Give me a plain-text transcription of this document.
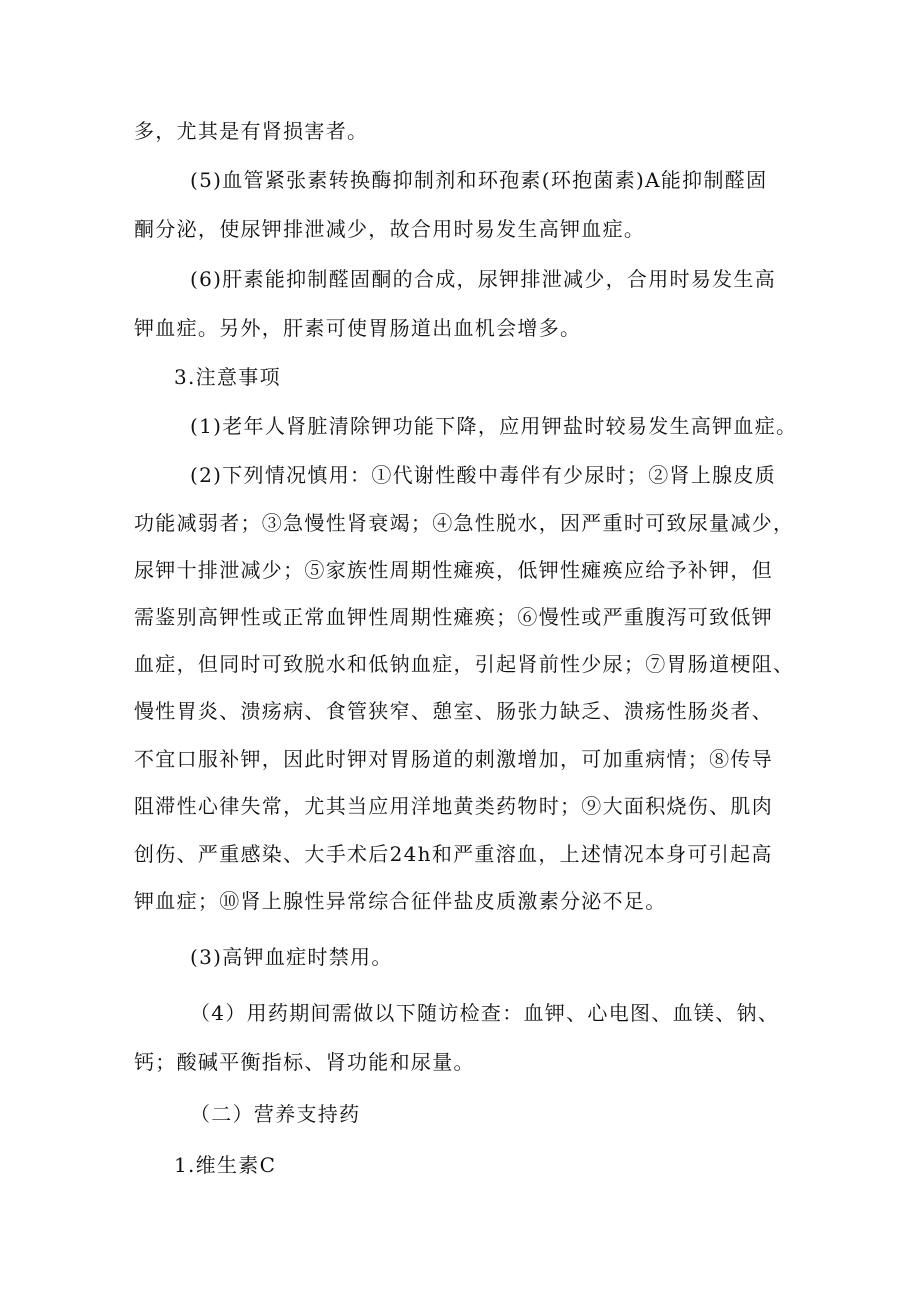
多，尤其是有肾损害者。
(5)血管紧张素转换酶抑制剂和环孢素(环抱菌素)A能抑制醛固
酮分泌，使尿钾排泄减少，故合用时易发生高钾血症。
(6)肝素能抑制醛固酮的合成，尿钾排泄减少，合用时易发生高
钾血症。另外，肝素可使胃肠道出血机会增多。
3.注意事项
(1)老年人肾脏清除钾功能下降，应用钾盐时较易发生高钾血症。
(2)下列情况慎用：①代谢性酸中毒伴有少尿时；②肾上腺皮质
功能减弱者；③急慢性肾衰竭；④急性脱水，因严重时可致尿量减少，
尿钾十排泄减少；⑤家族性周期性瘫痪，低钾性瘫痪应给予补钾，但
需鉴别高钾性或正常血钾性周期性瘫痪；⑥慢性或严重腹泻可致低钾
血症，但同时可致脱水和低钠血症，引起肾前性少尿；⑦胃肠道梗阻、
慢性胃炎、溃疡病、食管狭窄、憩室、肠张力缺乏、溃疡性肠炎者、
不宜口服补钾，因此时钾对胃肠道的刺激增加，可加重病情；⑧传导
阻滞性心律失常，尤其当应用洋地黄类药物时；⑨大面积烧伤、肌肉
创伤、严重感染、大手术后24h和严重溶血，上述情况本身可引起高
钾血症；⑩肾上腺性异常综合征伴盐皮质激素分泌不足。
(3)高钾血症时禁用。
（4）用药期间需做以下随访检查：血钾、心电图、血镁、钠、
钙；酸碱平衡指标、肾功能和尿量。
（二）营养支持药
1.维生素C
